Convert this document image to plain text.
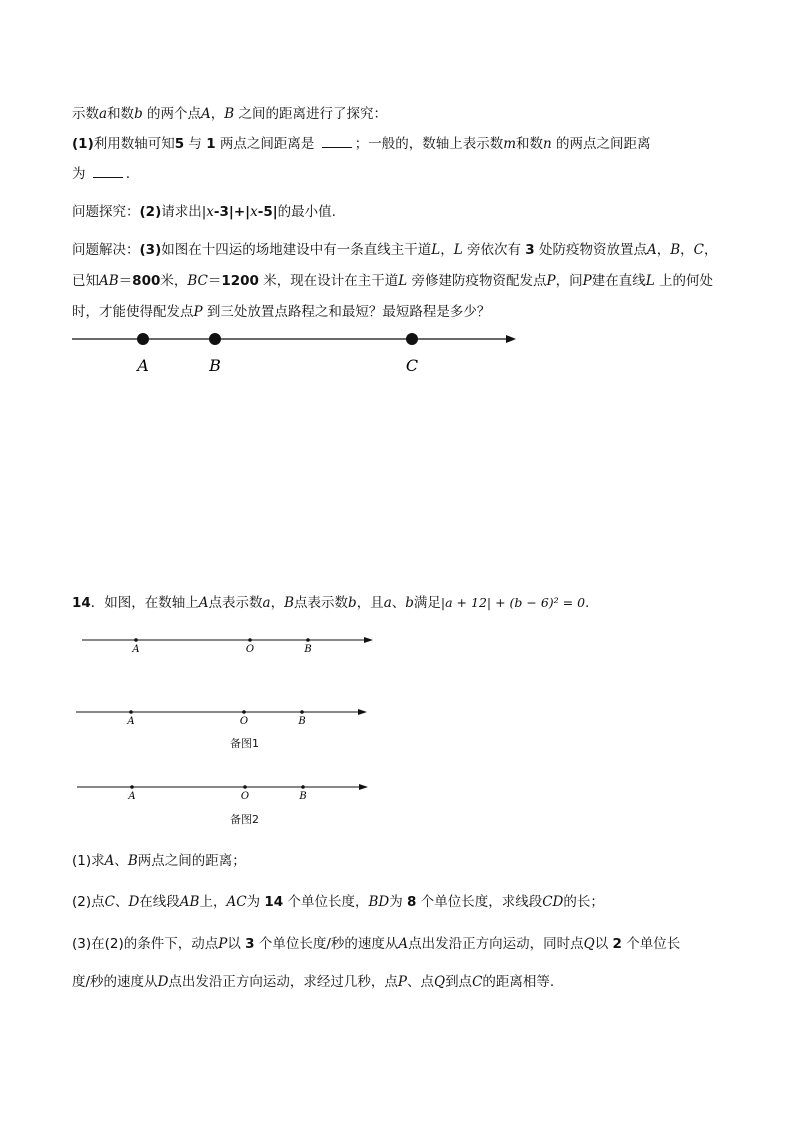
示数a和数b 的两个点A，B 之间的距离进行了探究：
(1)利用数轴可知5 与 1 两点之间距离是	；一般的，数轴上表示数m和数n 的两点之间距离
为	.
问题探究：(2)请求出|x-3|+|x-5|的最小值.
问题解决：(3)如图在十四运的场地建设中有一条直线主干道L，L 旁依次有 3 处防疫物资放置点A，B，C，
已知AB＝800米，BC＝1200 米，现在设计在主干道L 旁修建防疫物资配发点P，问P建在直线L 上的何处
时，才能使得配发点P 到三处放置点路程之和最短？最短路程是多少？
A	B	C
14．如图，在数轴上A点表示数a，B点表示数b，且a、b满足|a + 12| + (b − 6)² = 0.
A	O	B
A	O	B
A	O	B
备图1
备图2
(1)求A、B两点之间的距离；
(2)点C、D在线段AB上，AC为 14 个单位长度，BD为 8 个单位长度，求线段CD的长；
(3)在(2)的条件下，动点P以 3 个单位长度/秒的速度从A点出发沿正方向运动，同时点Q以 2 个单位长
度/秒的速度从D点出发沿正方向运动，求经过几秒，点P、点Q到点C的距离相等.
